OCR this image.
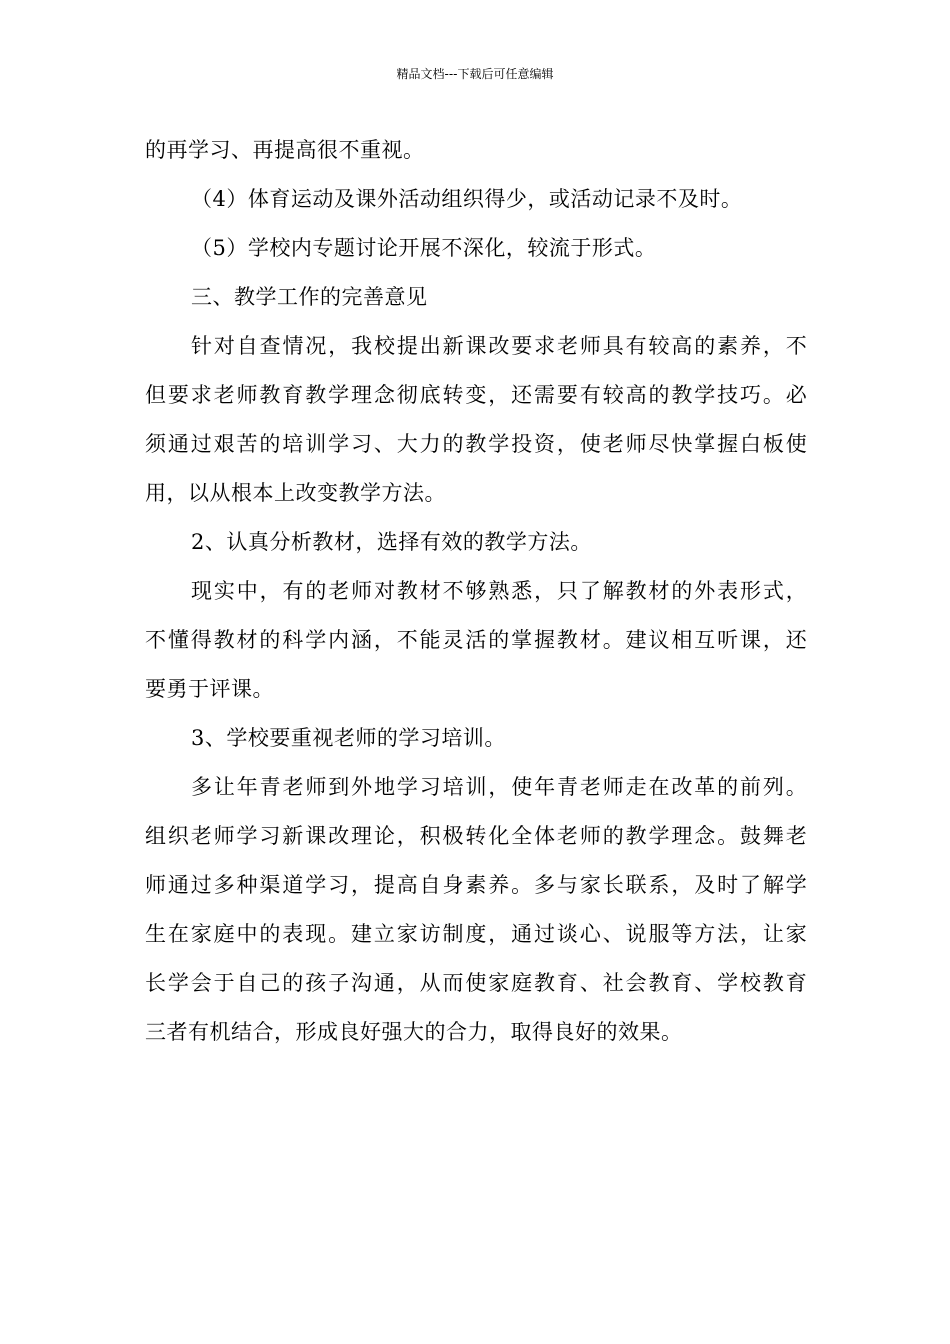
精品文档---下载后可任意编辑
的再学习、再提高很不重视。
（4）体育运动及课外活动组织得少，或活动记录不及时。
（5）学校内专题讨论开展不深化，较流于形式。
三、教学工作的完善意见
针对自查情况，我校提出新课改要求老师具有较高的素养，不
但要求老师教育教学理念彻底转变，还需要有较高的教学技巧。必
须通过艰苦的培训学习、大力的教学投资，使老师尽快掌握白板使
用，以从根本上改变教学方法。
2、认真分析教材，选择有效的教学方法。
现实中，有的老师对教材不够熟悉，只了解教材的外表形式，
不懂得教材的科学内涵，不能灵活的掌握教材。建议相互听课，还
要勇于评课。
3、学校要重视老师的学习培训。
多让年青老师到外地学习培训，使年青老师走在改革的前列。
组织老师学习新课改理论，积极转化全体老师的教学理念。鼓舞老
师通过多种渠道学习，提高自身素养。多与家长联系，及时了解学
生在家庭中的表现。建立家访制度，通过谈心、说服等方法，让家
长学会于自己的孩子沟通，从而使家庭教育、社会教育、学校教育
三者有机结合，形成良好强大的合力，取得良好的效果。
